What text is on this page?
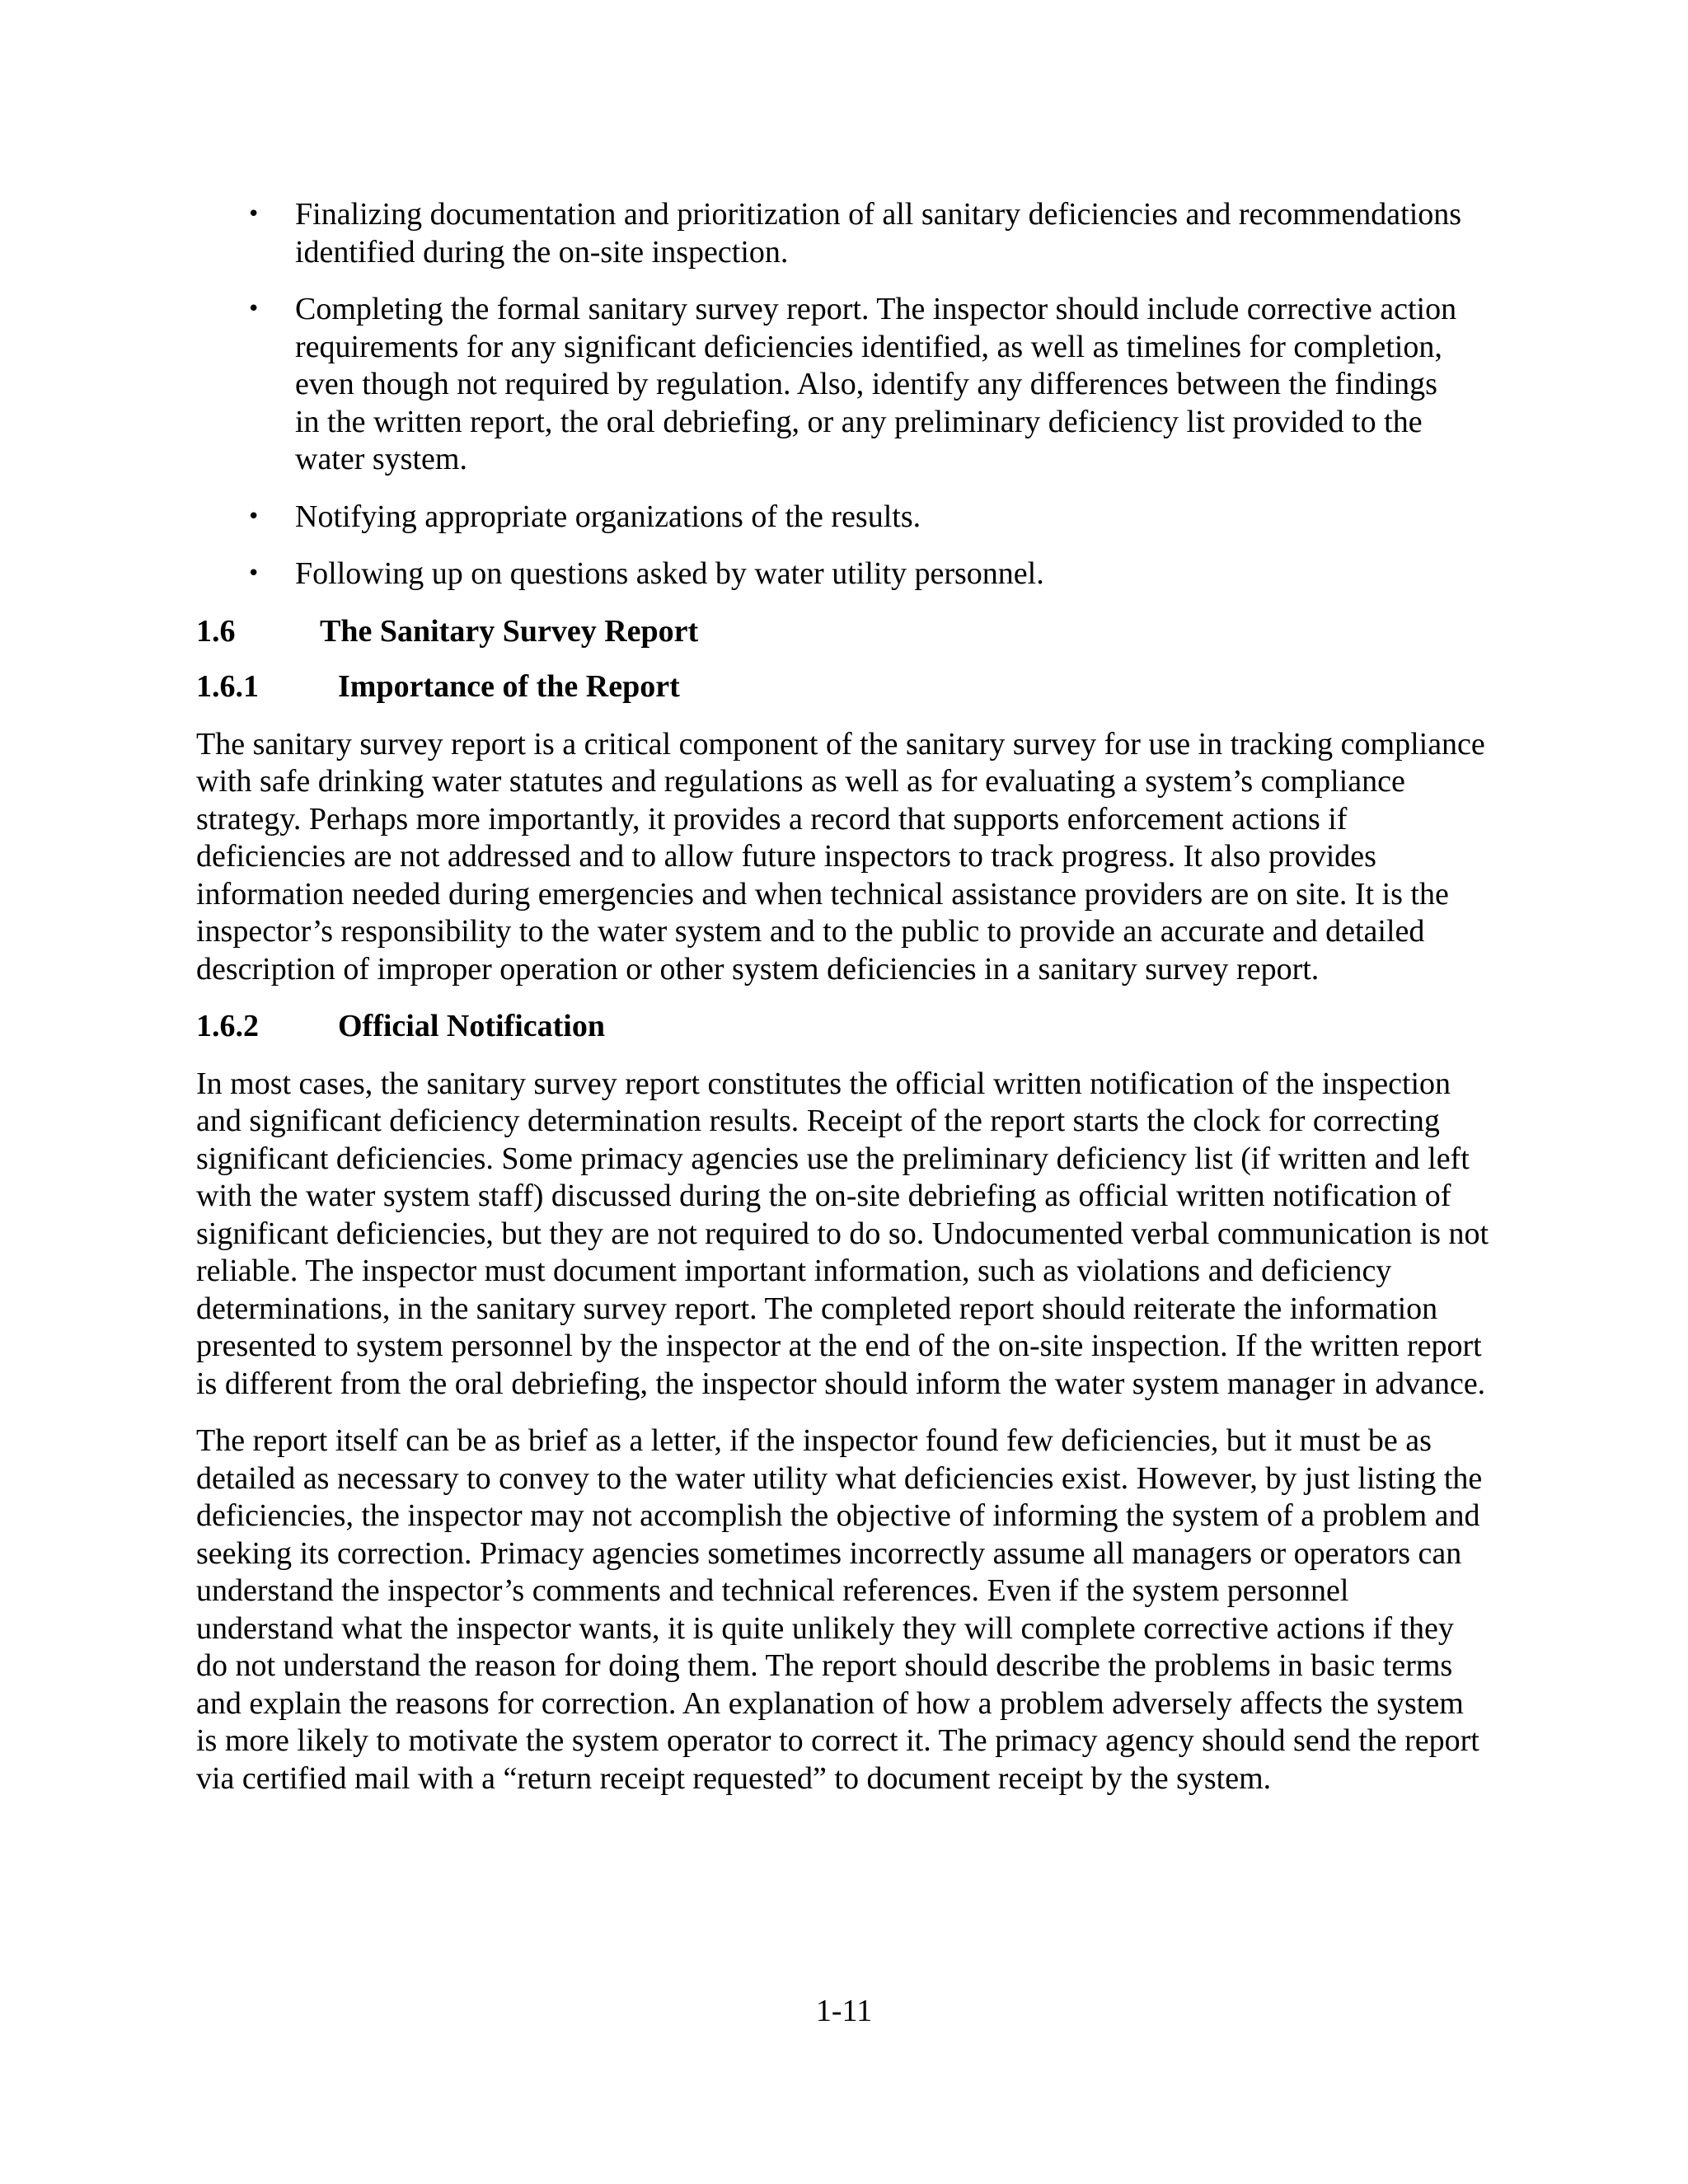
• Finalizing documentation and prioritization of all sanitary deficiencies and recommendations identified during the on-site inspection.
• Completing the formal sanitary survey report. The inspector should include corrective action requirements for any significant deficiencies identified, as well as timelines for completion, even though not required by regulation. Also, identify any differences between the findings in the written report, the oral debriefing, or any preliminary deficiency list provided to the water system.
• Notifying appropriate organizations of the results.
• Following up on questions asked by water utility personnel.
1.6	The Sanitary Survey Report
1.6.1	Importance of the Report

The sanitary survey report is a critical component of the sanitary survey for use in tracking compliance with safe drinking water statutes and regulations as well as for evaluating a system’s compliance strategy. Perhaps more importantly, it provides a record that supports enforcement actions if deficiencies are not addressed and to allow future inspectors to track progress. It also provides information needed during emergencies and when technical assistance providers are on site. It is the inspector’s responsibility to the water system and to the public to provide an accurate and detailed description of improper operation or other system deficiencies in a sanitary survey report.

1.6.2	Official Notification

In most cases, the sanitary survey report constitutes the official written notification of the inspection and significant deficiency determination results. Receipt of the report starts the clock for correcting significant deficiencies. Some primacy agencies use the preliminary deficiency list (if written and left with the water system staff) discussed during the on-site debriefing as official written notification of significant deficiencies, but they are not required to do so. Undocumented verbal communication is not reliable. The inspector must document important information, such as violations and deficiency determinations, in the sanitary survey report. The completed report should reiterate the information presented to system personnel by the inspector at the end of the on-site inspection. If the written report is different from the oral debriefing, the inspector should inform the water system manager in advance.

The report itself can be as brief as a letter, if the inspector found few deficiencies, but it must be as detailed as necessary to convey to the water utility what deficiencies exist. However, by just listing the deficiencies, the inspector may not accomplish the objective of informing the system of a problem and seeking its correction. Primacy agencies sometimes incorrectly assume all managers or operators can understand the inspector’s comments and technical references. Even if the system personnel understand what the inspector wants, it is quite unlikely they will complete corrective actions if they do not understand the reason for doing them. The report should describe the problems in basic terms and explain the reasons for correction. An explanation of how a problem adversely affects the system is more likely to motivate the system operator to correct it. The primacy agency should send the report via certified mail with a “return receipt requested” to document receipt by the system.

1-11
